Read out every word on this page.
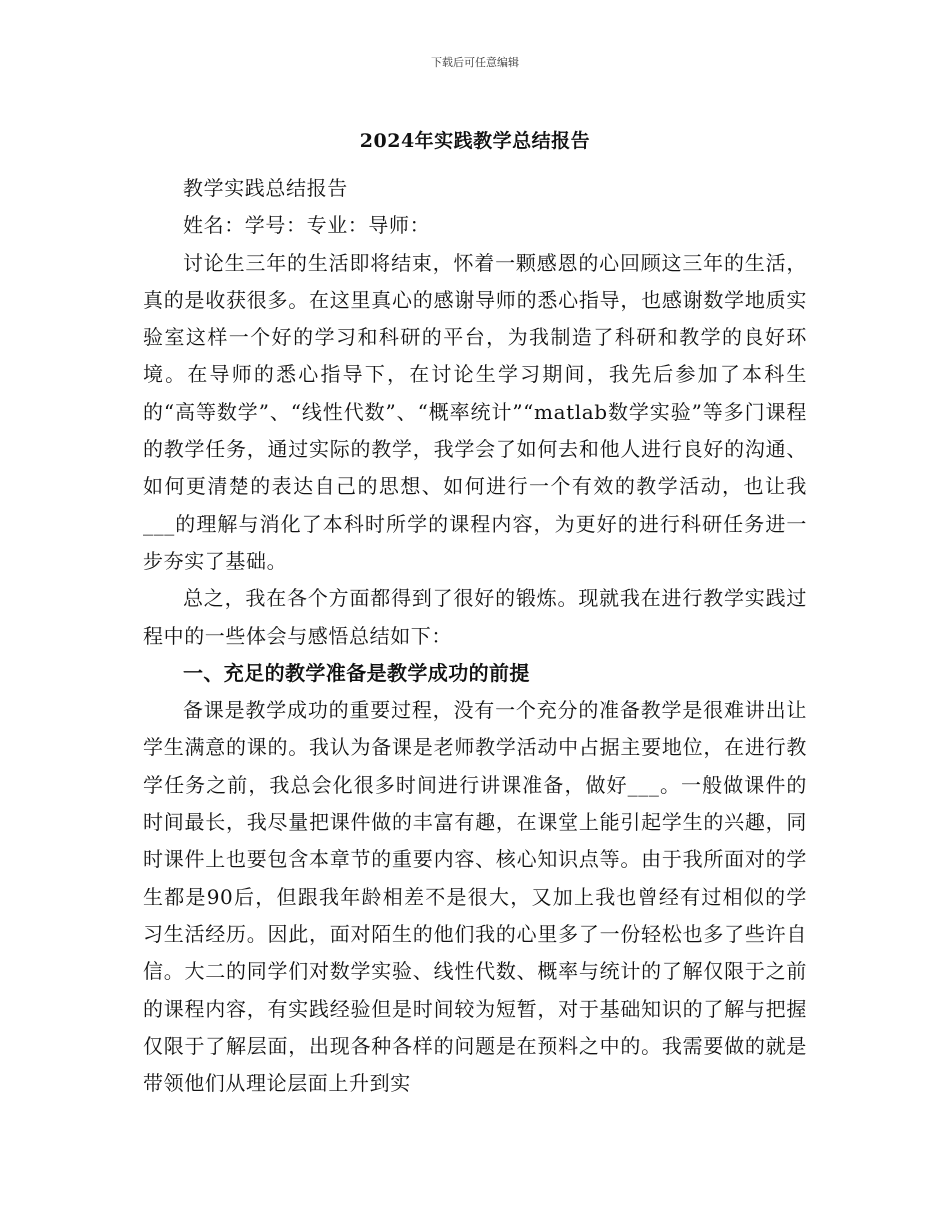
下载后可任意编辑
2024年实践教学总结报告

教学实践总结报告

姓名：学号：专业：导师：

讨论生三年的生活即将结束，怀着一颗感恩的心回顾这三年的生活，真的是收获很多。在这里真心的感谢导师的悉心指导，也感谢数学地质实验室这样一个好的学习和科研的平台，为我制造了科研和教学的良好环境。在导师的悉心指导下，在讨论生学习期间，我先后参加了本科生的“高等数学”、“线性代数”、“概率统计”“matlab数学实验”等多门课程的教学任务，通过实际的教学，我学会了如何去和他人进行良好的沟通、如何更清楚的表达自己的思想、如何进行一个有效的教学活动，也让我___的理解与消化了本科时所学的课程内容，为更好的进行科研任务进一步夯实了基础。

总之，我在各个方面都得到了很好的锻炼。现就我在进行教学实践过程中的一些体会与感悟总结如下：

一、充足的教学准备是教学成功的前提

备课是教学成功的重要过程，没有一个充分的准备教学是很难讲出让学生满意的课的。我认为备课是老师教学活动中占据主要地位，在进行教学任务之前，我总会化很多时间进行讲课准备，做好___。一般做课件的时间最长，我尽量把课件做的丰富有趣，在课堂上能引起学生的兴趣，同时课件上也要包含本章节的重要内容、核心知识点等。由于我所面对的学生都是90后，但跟我年龄相差不是很大，又加上我也曾经有过相似的学习生活经历。因此，面对陌生的他们我的心里多了一份轻松也多了些许自信。大二的同学们对数学实验、线性代数、概率与统计的了解仅限于之前的课程内容，有实践经验但是时间较为短暂，对于基础知识的了解与把握仅限于了解层面，出现各种各样的问题是在预料之中的。我需要做的就是带领他们从理论层面上升到实
